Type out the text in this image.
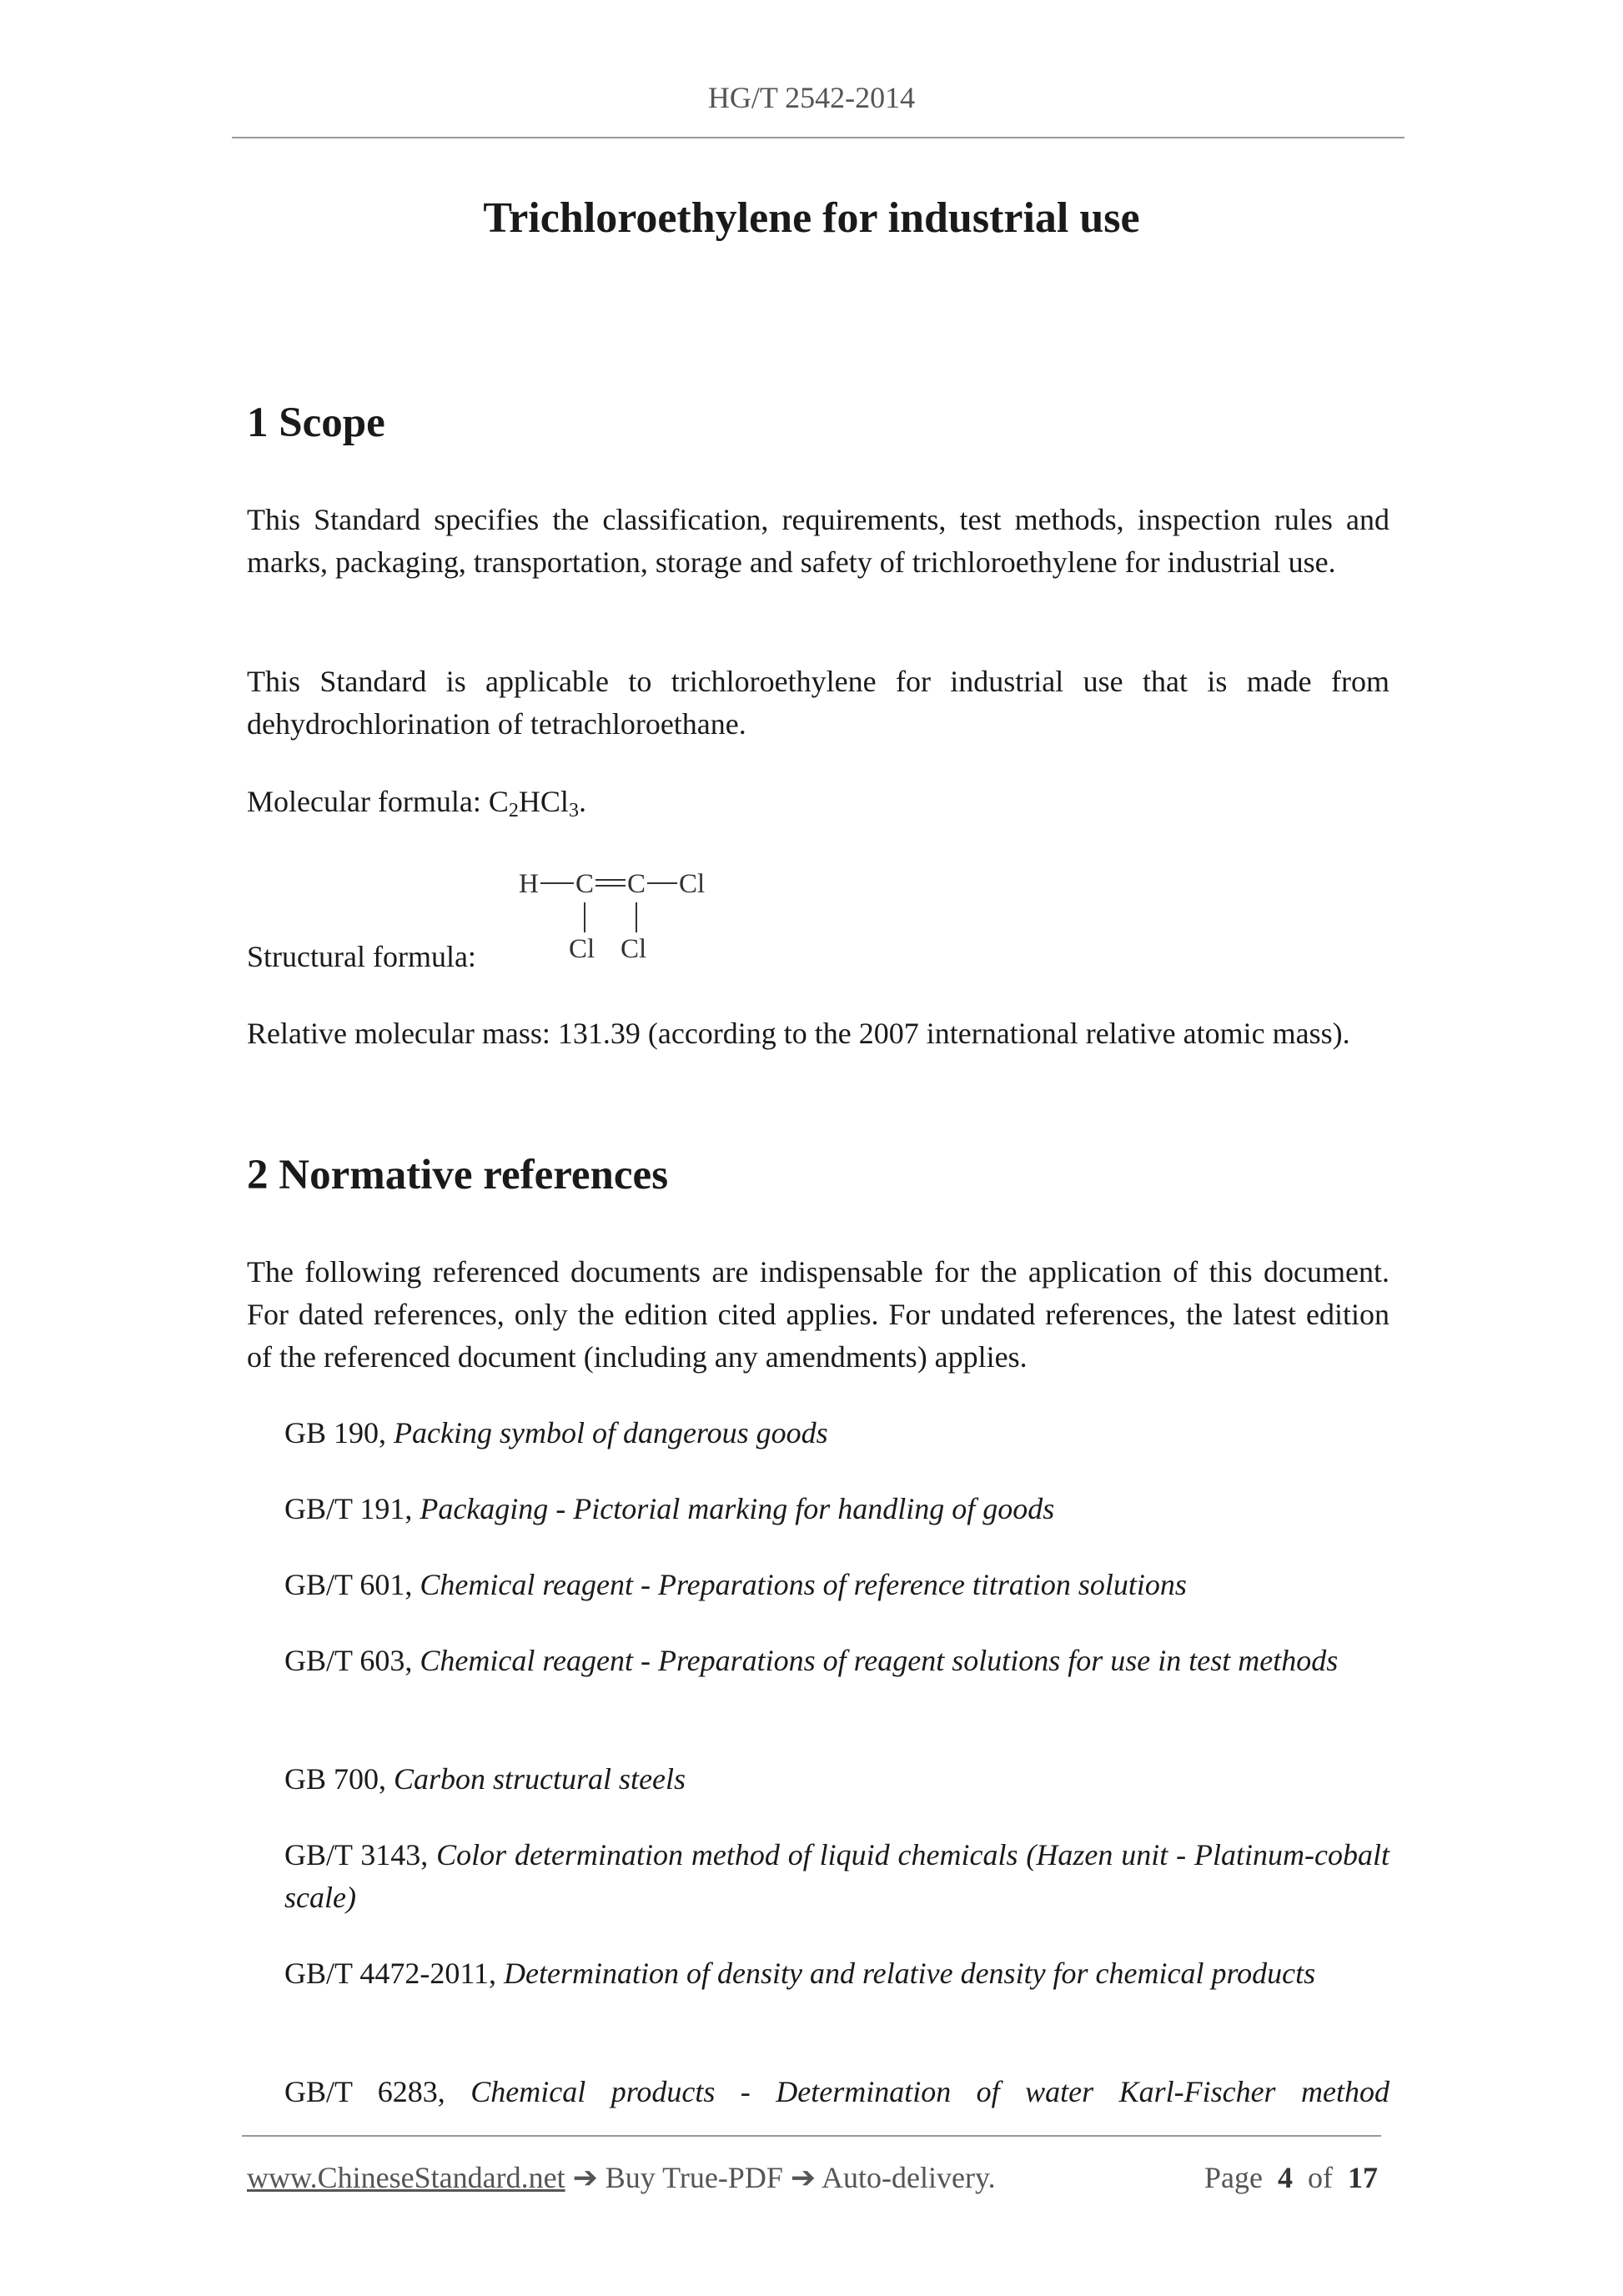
HG/T 2542-2014
Trichloroethylene for industrial use
1 Scope
This Standard specifies the classification, requirements, test methods, inspection rules and marks, packaging, transportation, storage and safety of trichloroethylene for industrial use.
This Standard is applicable to trichloroethylene for industrial use that is made from dehydrochlorination of tetrachloroethane.
Molecular formula: $C_2HCl_3$.
Structural formula:
H C C Cl
Cl Cl
Relative molecular mass: 131.39 (according to the 2007 international relative atomic mass).
2 Normative references
The following referenced documents are indispensable for the application of this document. For dated references, only the edition cited applies. For undated references, the latest edition of the referenced document (including any amendments) applies.
GB 190, Packing symbol of dangerous goods
GB/T 191, Packaging - Pictorial marking for handling of goods
GB/T 601, Chemical reagent - Preparations of reference titration solutions
GB/T 603, Chemical reagent - Preparations of reagent solutions for use in test methods
GB 700, Carbon structural steels
GB/T 3143, Color determination method of liquid chemicals (Hazen unit - Platinum-cobalt scale)
GB/T 4472-2011, Determination of density and relative density for chemical products
GB/T 6283, Chemical products - Determination of water Karl-Fischer method
www.ChineseStandard.net ➔ Buy True-PDF ➔ Auto-delivery.	Page 4 of 17
